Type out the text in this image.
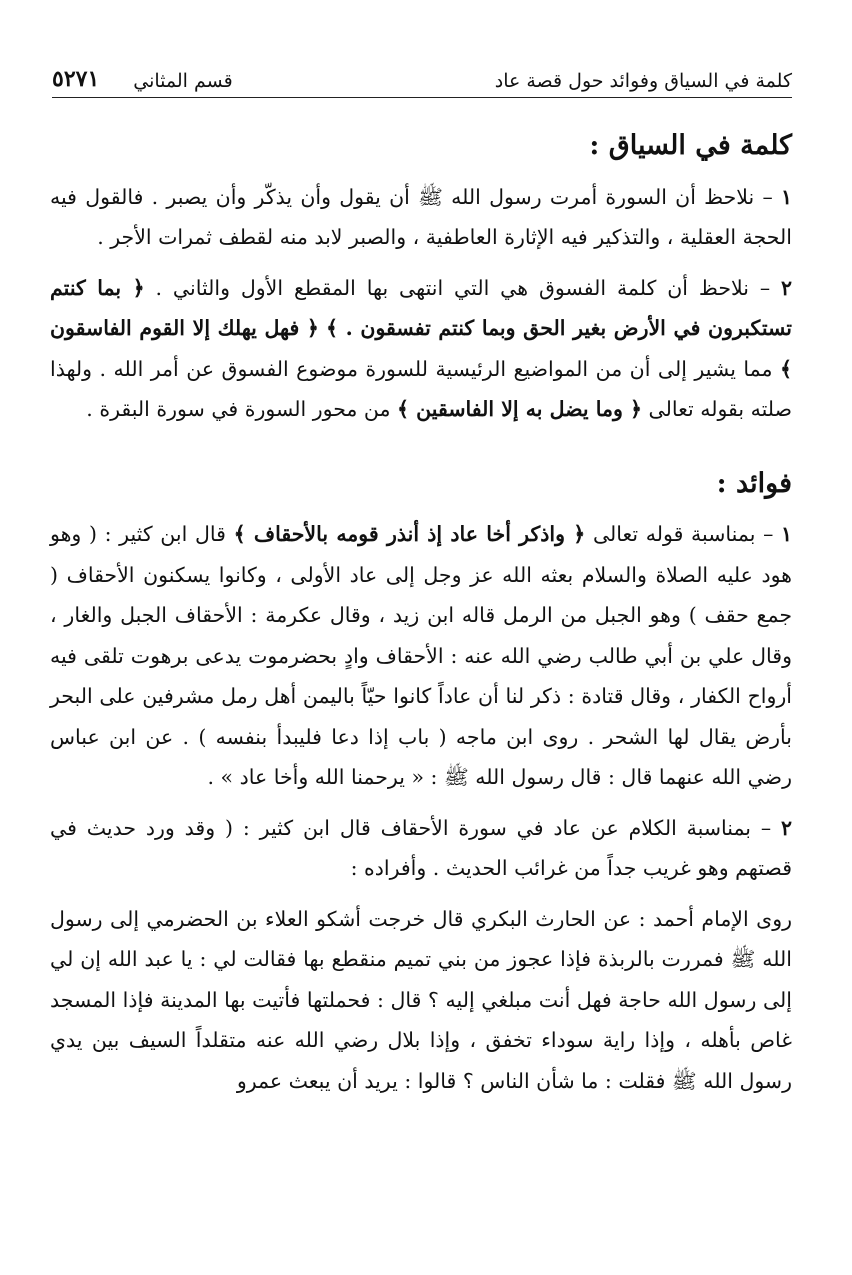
كلمة في السياق وفوائد حول قصة عاد
قسم المثاني
٥٢٧١
كلمة في السياق :

١ – نلاحظ أن السورة أمرت رسول الله ﷺ أن يقول وأن يذكّر وأن يصبر . فالقول فيه الحجة العقلية ، والتذكير فيه الإثارة العاطفية ، والصبر لابد منه لقطف ثمرات الأجر .

٢ – نلاحظ أن كلمة الفسوق هي التي انتهى بها المقطع الأول والثاني . ﴿ بما كنتم تستكبرون في الأرض بغير الحق وبما كنتم تفسقون . ﴾ ﴿ فهل يهلك إلا القوم الفاسقون ﴾ مما يشير إلى أن من المواضيع الرئيسية للسورة موضوع الفسوق عن أمر الله . ولهذا صلته بقوله تعالى ﴿ وما يضل به إلا الفاسقين ﴾ من محور السورة في سورة البقرة .

فوائد :

١ – بمناسبة قوله تعالى ﴿ واذكر أخا عاد إذ أنذر قومه بالأحقاف ﴾ قال ابن كثير : ( وهو هود عليه الصلاة والسلام بعثه الله عز وجل إلى عاد الأولى ، وكانوا يسكنون الأحقاف ( جمع حقف ) وهو الجبل من الرمل قاله ابن زيد ، وقال عكرمة : الأحقاف الجبل والغار ، وقال علي بن أبي طالب رضي الله عنه : الأحقاف وادٍ بحضرموت يدعى برهوت تلقى فيه أرواح الكفار ، وقال قتادة : ذكر لنا أن عاداً كانوا حيّاً باليمن أهل رمل مشرفين على البحر بأرض يقال لها الشحر . روى ابن ماجه ( باب إذا دعا فليبدأ بنفسه ) . عن ابن عباس رضي الله عنهما قال : قال رسول الله ﷺ : « يرحمنا الله وأخا عاد » .

٢ – بمناسبة الكلام عن عاد في سورة الأحقاف قال ابن كثير : ( وقد ورد حديث في قصتهم وهو غريب جداً من غرائب الحديث . وأفراده :

روى الإمام أحمد : عن الحارث البكري قال خرجت أشكو العلاء بن الحضرمي إلى رسول الله ﷺ فمررت بالربذة فإذا عجوز من بني تميم منقطع بها فقالت لي : يا عبد الله إن لي إلى رسول الله حاجة فهل أنت مبلغي إليه ؟ قال : فحملتها فأتيت بها المدينة فإذا المسجد غاص بأهله ، وإذا راية سوداء تخفق ، وإذا بلال رضي الله عنه متقلداً السيف بين يدي رسول الله ﷺ فقلت : ما شأن الناس ؟ قالوا : يريد أن يبعث عمرو
